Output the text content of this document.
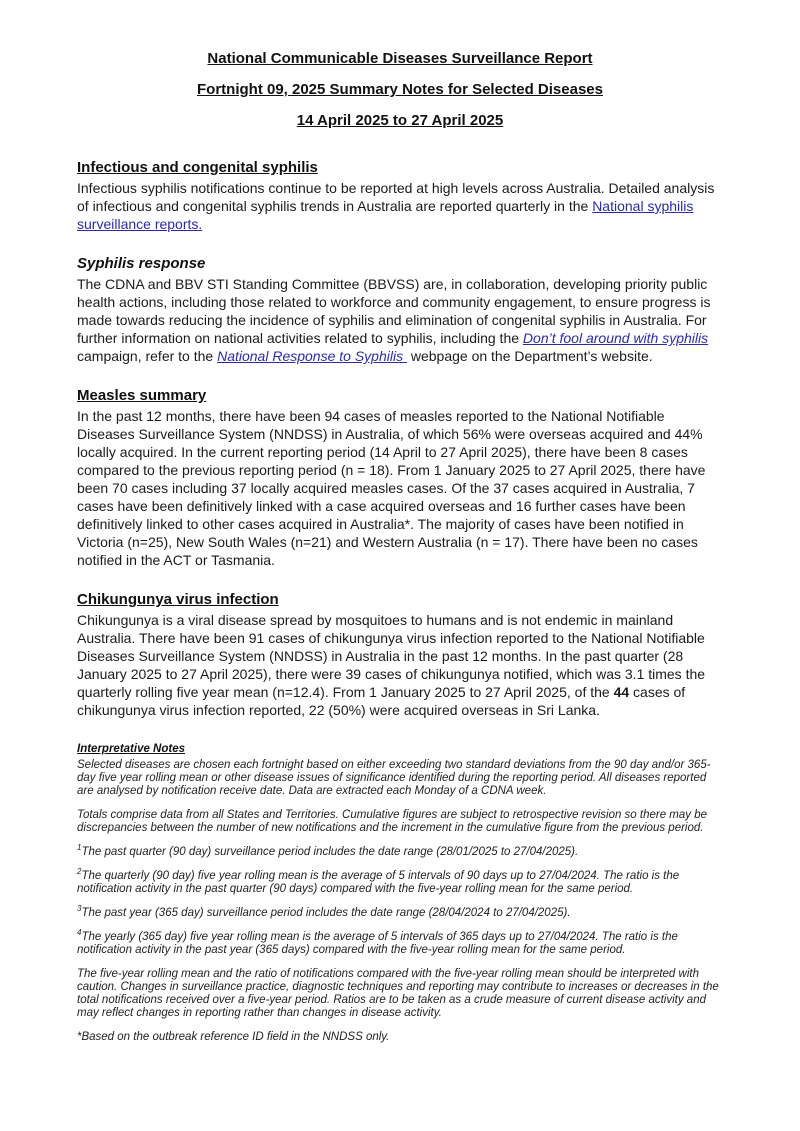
National Communicable Diseases Surveillance Report
Fortnight 09, 2025 Summary Notes for Selected Diseases
14 April 2025 to 27 April 2025
Infectious and congenital syphilis

Infectious syphilis notifications continue to be reported at high levels across Australia. Detailed analysis of infectious and congenital syphilis trends in Australia are reported quarterly in the National syphilis surveillance reports.

Syphilis response

The CDNA and BBV STI Standing Committee (BBVSS) are, in collaboration, developing priority public health actions, including those related to workforce and community engagement, to ensure progress is made towards reducing the incidence of syphilis and elimination of congenital syphilis in Australia. For further information on national activities related to syphilis, including the Don’t fool around with syphilis campaign, refer to the National Response to Syphilis  webpage on the Department’s website.

Measles summary

In the past 12 months, there have been 94 cases of measles reported to the National Notifiable Diseases Surveillance System (NNDSS) in Australia, of which 56% were overseas acquired and 44% locally acquired. In the current reporting period (14 April to 27 April 2025), there have been 8 cases compared to the previous reporting period (n = 18). From 1 January 2025 to 27 April 2025, there have been 70 cases including 37 locally acquired measles cases. Of the 37 cases acquired in Australia, 7 cases have been definitively linked with a case acquired overseas and 16 further cases have been definitively linked to other cases acquired in Australia*. The majority of cases have been notified in Victoria (n=25), New South Wales (n=21) and Western Australia (n = 17). There have been no cases notified in the ACT or Tasmania.

Chikungunya virus infection

Chikungunya is a viral disease spread by mosquitoes to humans and is not endemic in mainland Australia. There have been 91 cases of chikungunya virus infection reported to the National Notifiable Diseases Surveillance System (NNDSS) in Australia in the past 12 months. In the past quarter (28 January 2025 to 27 April 2025), there were 39 cases of chikungunya notified, which was 3.1 times the quarterly rolling five year mean (n=12.4). From 1 January 2025 to 27 April 2025, of the 44 cases of chikungunya virus infection reported, 22 (50%) were acquired overseas in Sri Lanka.

Interpretative Notes

Selected diseases are chosen each fortnight based on either exceeding two standard deviations from the 90 day and/or 365-day five year rolling mean or other disease issues of significance identified during the reporting period. All diseases reported are analysed by notification receive date. Data are extracted each Monday of a CDNA week.

Totals comprise data from all States and Territories. Cumulative figures are subject to retrospective revision so there may be discrepancies between the number of new notifications and the increment in the cumulative figure from the previous period.

$^1$The past quarter (90 day) surveillance period includes the date range (28/01/2025 to 27/04/2025).

$^2$The quarterly (90 day) five year rolling mean is the average of 5 intervals of 90 days up to 27/04/2024. The ratio is the notification activity in the past quarter (90 days) compared with the five-year rolling mean for the same period.

$^3$The past year (365 day) surveillance period includes the date range (28/04/2024 to 27/04/2025).

$^4$The yearly (365 day) five year rolling mean is the average of 5 intervals of 365 days up to 27/04/2024. The ratio is the notification activity in the past year (365 days) compared with the five-year rolling mean for the same period.

The five-year rolling mean and the ratio of notifications compared with the five-year rolling mean should be interpreted with caution. Changes in surveillance practice, diagnostic techniques and reporting may contribute to increases or decreases in the total notifications received over a five-year period. Ratios are to be taken as a crude measure of current disease activity and may reflect changes in reporting rather than changes in disease activity.

*Based on the outbreak reference ID field in the NNDSS only.
